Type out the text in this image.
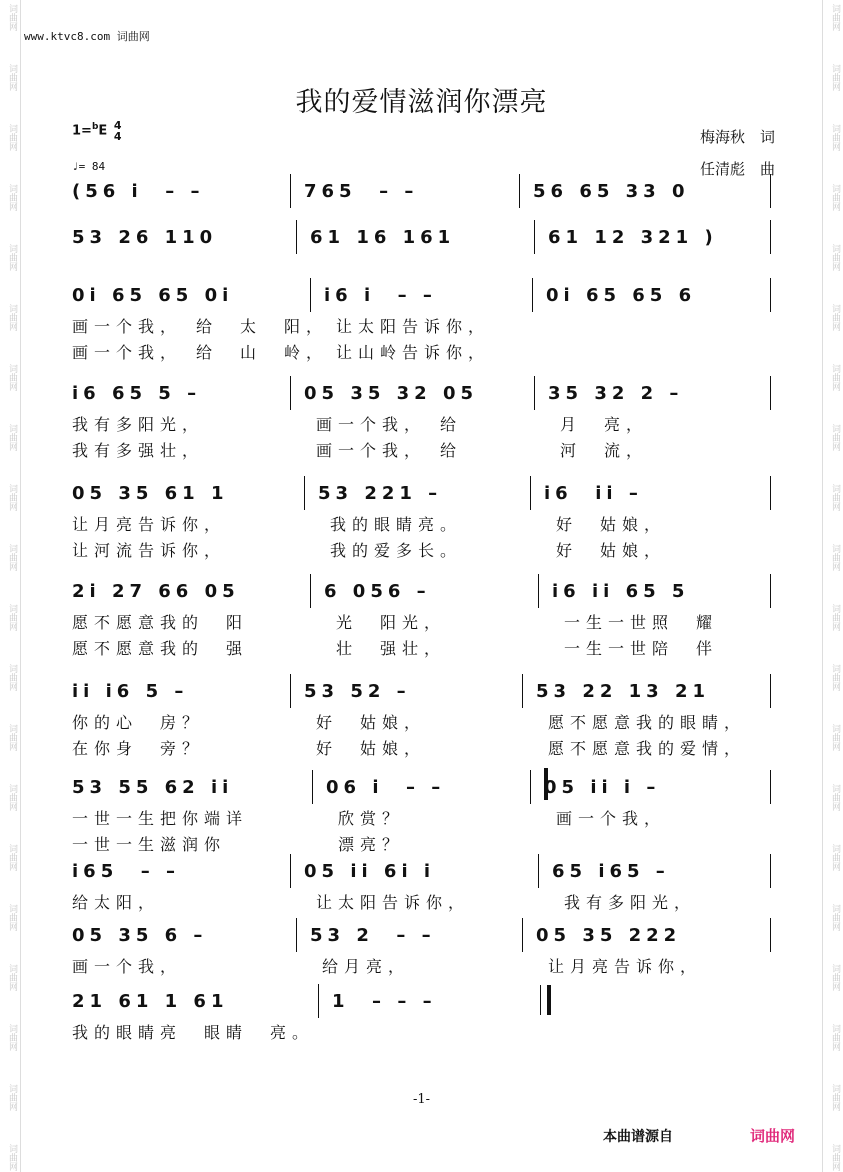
词曲网
词曲网
词曲网
词曲网
词曲网
词曲网
词曲网
词曲网
词曲网
词曲网
词曲网
词曲网
词曲网
词曲网
词曲网
词曲网
词曲网
词曲网
词曲网
词曲网
词曲网
词曲网
词曲网
词曲网
词曲网
词曲网
词曲网
词曲网
词曲网
词曲网
词曲网
词曲网
词曲网
词曲网
词曲网
词曲网
词曲网
词曲网
词曲网
词曲网
www.ktvc8.com 词曲网
我的爱情滋润你漂亮
1=$^b$E 4
4
♩= 84
梅海秋　词
任清彪　曲
(56 i  – –	765  – –	56 65 33 0
53 26 110	61 16 161	61 12 321 )
0i 65 65 0i	i6 i  – –	0i 65 65 6
画一个我，　给　太　阳， 让太阳告诉你，
画一个我，　给　山　岭， 让山岭告诉你，
i6 65 5 –	05 35 32 05	35 32 2 –
我有多阳光，	画一个我，　给	月　亮，
我有多强壮，	画一个我，　给	河　流，
05 35 61 1	53 221 –	i6  ii –
让月亮告诉你，	我的眼睛亮。	好　姑娘，
让河流告诉你，	我的爱多长。	好　姑娘，
2i 27 66 05	6 056 –	i6 ii 65 5
愿不愿意我的　阳	光　阳光，	一生一世照　耀
愿不愿意我的　强	壮　强壮，	一生一世陪　伴
ii i6 5 –	53 52 –	53 22 13 21
你的心　房？	好　姑娘，	愿不愿意我的眼睛，
在你身　旁？	好　姑娘，	愿不愿意我的爱情，
53 55 62 ii	06 i  – –	05 ii i –
一世一生把你端详	欣赏？	画一个我，
一世一生滋润你	漂亮？
i65  – –	05 ii 6i i	65 i65 –
给太阳，	让太阳告诉你，	我有多阳光，
05 35 6 –	53 2  – –	05 35 222
画一个我，	给月亮，	让月亮告诉你，
21 61 1 61	1  – – –
我的眼睛亮　眼睛　亮。
-1-
本曲谱源自	词曲网
